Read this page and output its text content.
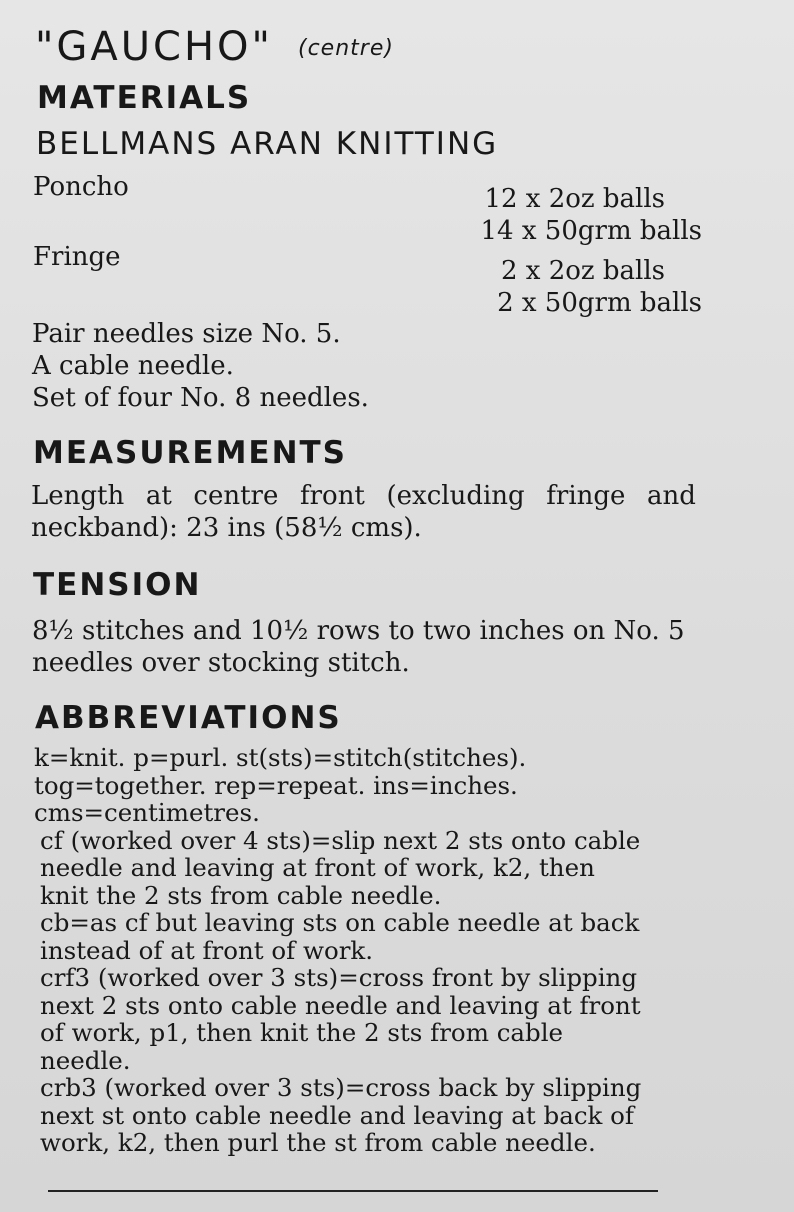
"GAUCHO" (centre)
MATERIALS
BELLMANS ARAN KNITTING
Poncho	12 x 2oz balls
14 x 50grm balls
Fringe	2 x 2oz balls
2 x 50grm balls
Pair needles size No. 5.
A cable needle.
Set of four No. 8 needles.
MEASUREMENTS
Length at centre front (excluding fringe and
neckband): 23 ins (58½ cms).
TENSION
8½ stitches and 10½ rows to two inches on No. 5
needles over stocking stitch.
ABBREVIATIONS
k=knit. p=purl. st(sts)=stitch(stitches).
tog=together. rep=repeat. ins=inches.
cms=centimetres.
cf (worked over 4 sts)=slip next 2 sts onto cable
needle and leaving at front of work, k2, then
knit the 2 sts from cable needle.
cb=as cf but leaving sts on cable needle at back
instead of at front of work.
crf3 (worked over 3 sts)=cross front by slipping
next 2 sts onto cable needle and leaving at front
of work, p1, then knit the 2 sts from cable
needle.
crb3 (worked over 3 sts)=cross back by slipping
next st onto cable needle and leaving at back of
work, k2, then purl the st from cable needle.
